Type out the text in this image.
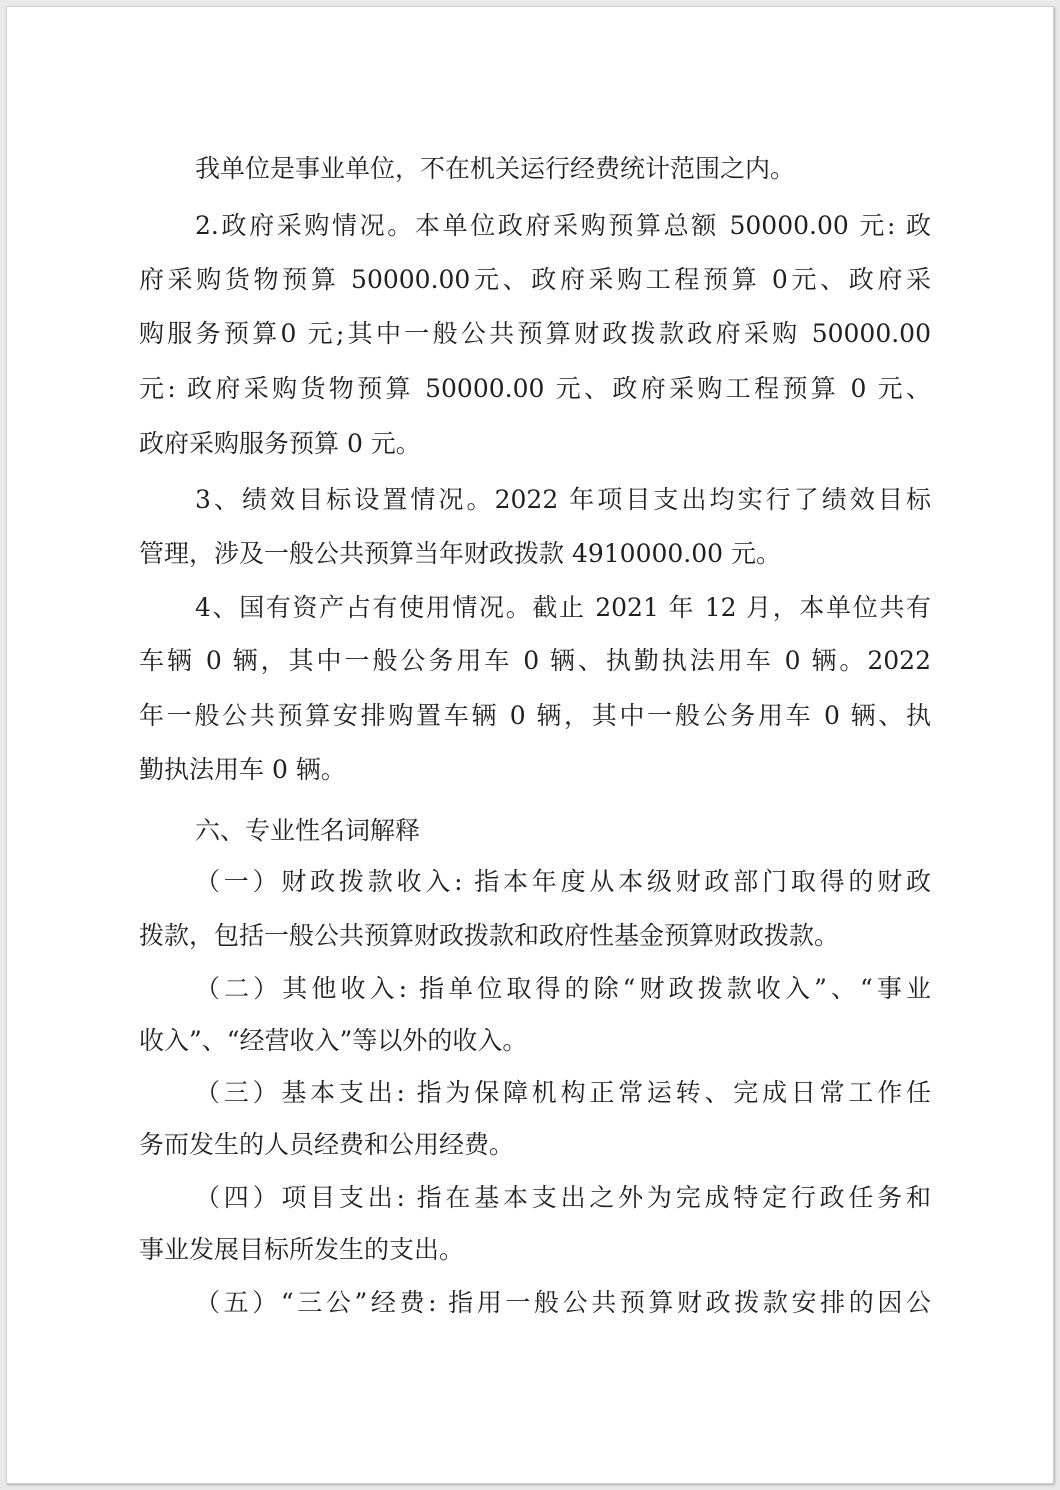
我单位是事业单位，不在机关运行经费统计范围之内。
2.政府采购情况。本单位政府采购预算总额 50000.00 元: 政
府采购货物预算 50000.00元、政府采购工程预算 0元、政府采
购服务预算0 元;其中一般公共预算财政拨款政府采购 50000.00
元: 政府采购货物预算 50000.00 元、政府采购工程预算 0 元、
政府采购服务预算 0 元。
3、绩效目标设置情况。2022 年项目支出均实行了绩效目标
管理，涉及一般公共预算当年财政拨款 4910000.00 元。
4、国有资产占有使用情况。截止 2021 年 12 月，本单位共有
车辆 0 辆，其中一般公务用车 0 辆、执勤执法用车 0 辆。2022
年一般公共预算安排购置车辆 0 辆，其中一般公务用车 0 辆、执
勤执法用车 0 辆。
六、专业性名词解释
（一）财政拨款收入: 指本年度从本级财政部门取得的财政
拨款，包括一般公共预算财政拨款和政府性基金预算财政拨款。
（二）其他收入: 指单位取得的除“财政拨款收入”、“事业
收入”、“经营收入”等以外的收入。
（三）基本支出: 指为保障机构正常运转、完成日常工作任
务而发生的人员经费和公用经费。
（四）项目支出: 指在基本支出之外为完成特定行政任务和
事业发展目标所发生的支出。
（五）“三公”经费: 指用一般公共预算财政拨款安排的因公
